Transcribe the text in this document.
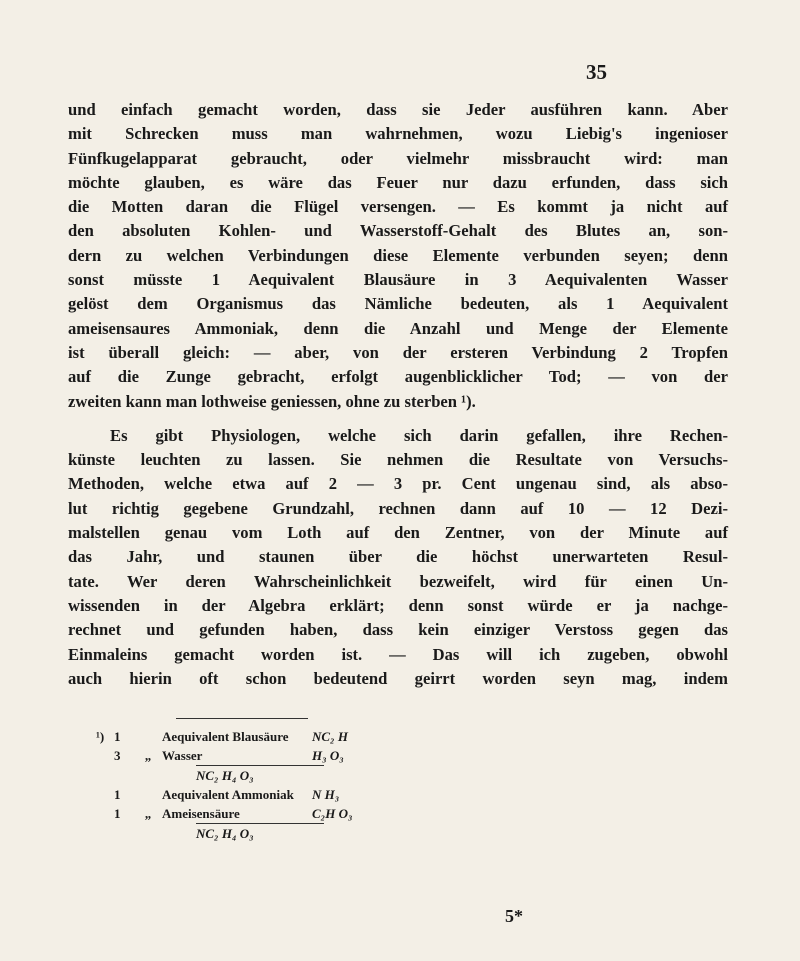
35
und einfach gemacht worden, dass sie Jeder ausführen kann. Aber
mit Schrecken muss man wahrnehmen, wozu Liebig's ingenioser
Fünfkugelapparat gebraucht, oder vielmehr missbraucht wird: man
möchte glauben, es wäre das Feuer nur dazu erfunden, dass sich
die Motten daran die Flügel versengen. — Es kommt ja nicht auf
den absoluten Kohlen- und Wasserstoff-Gehalt des Blutes an, son-
dern zu welchen Verbindungen diese Elemente verbunden seyen; denn
sonst müsste 1 Aequivalent Blausäure in 3 Aequivalenten Wasser
gelöst dem Organismus das Nämliche bedeuten, als 1 Aequivalent
ameisensaures Ammoniak, denn die Anzahl und Menge der Elemente
ist überall gleich: — aber, von der ersteren Verbindung 2 Tropfen
auf die Zunge gebracht, erfolgt augenblicklicher Tod; — von der
zweiten kann man lothweise geniessen, ohne zu sterben ¹).
Es gibt Physiologen, welche sich darin gefallen, ihre Rechen-
künste leuchten zu lassen. Sie nehmen die Resultate von Versuchs-
Methoden, welche etwa auf 2 — 3 pr. Cent ungenau sind, als abso-
lut richtig gegebene Grundzahl, rechnen dann auf 10 — 12 Dezi-
malstellen genau vom Loth auf den Zentner, von der Minute auf
das Jahr, und staunen über die höchst unerwarteten Resul-
tate. Wer deren Wahrscheinlichkeit bezweifelt, wird für einen Un-
wissenden in der Algebra erklärt; denn sonst würde er ja nachge-
rechnet und gefunden haben, dass kein einziger Verstoss gegen das
Einmaleins gemacht worden ist. — Das will ich zugeben, obwohl
auch hierin oft schon bedeutend geirrt worden seyn mag, indem
¹) 1	Aequivalent Blausäure	NC₂ H
3	„ Wasser	H₃ O₃
NC₂ H₄ O₃
1	Aequivalent Ammoniak	N H₃
1	„ Ameisensäure	C₂H O₃
NC₂ H₄ O₃
5*
